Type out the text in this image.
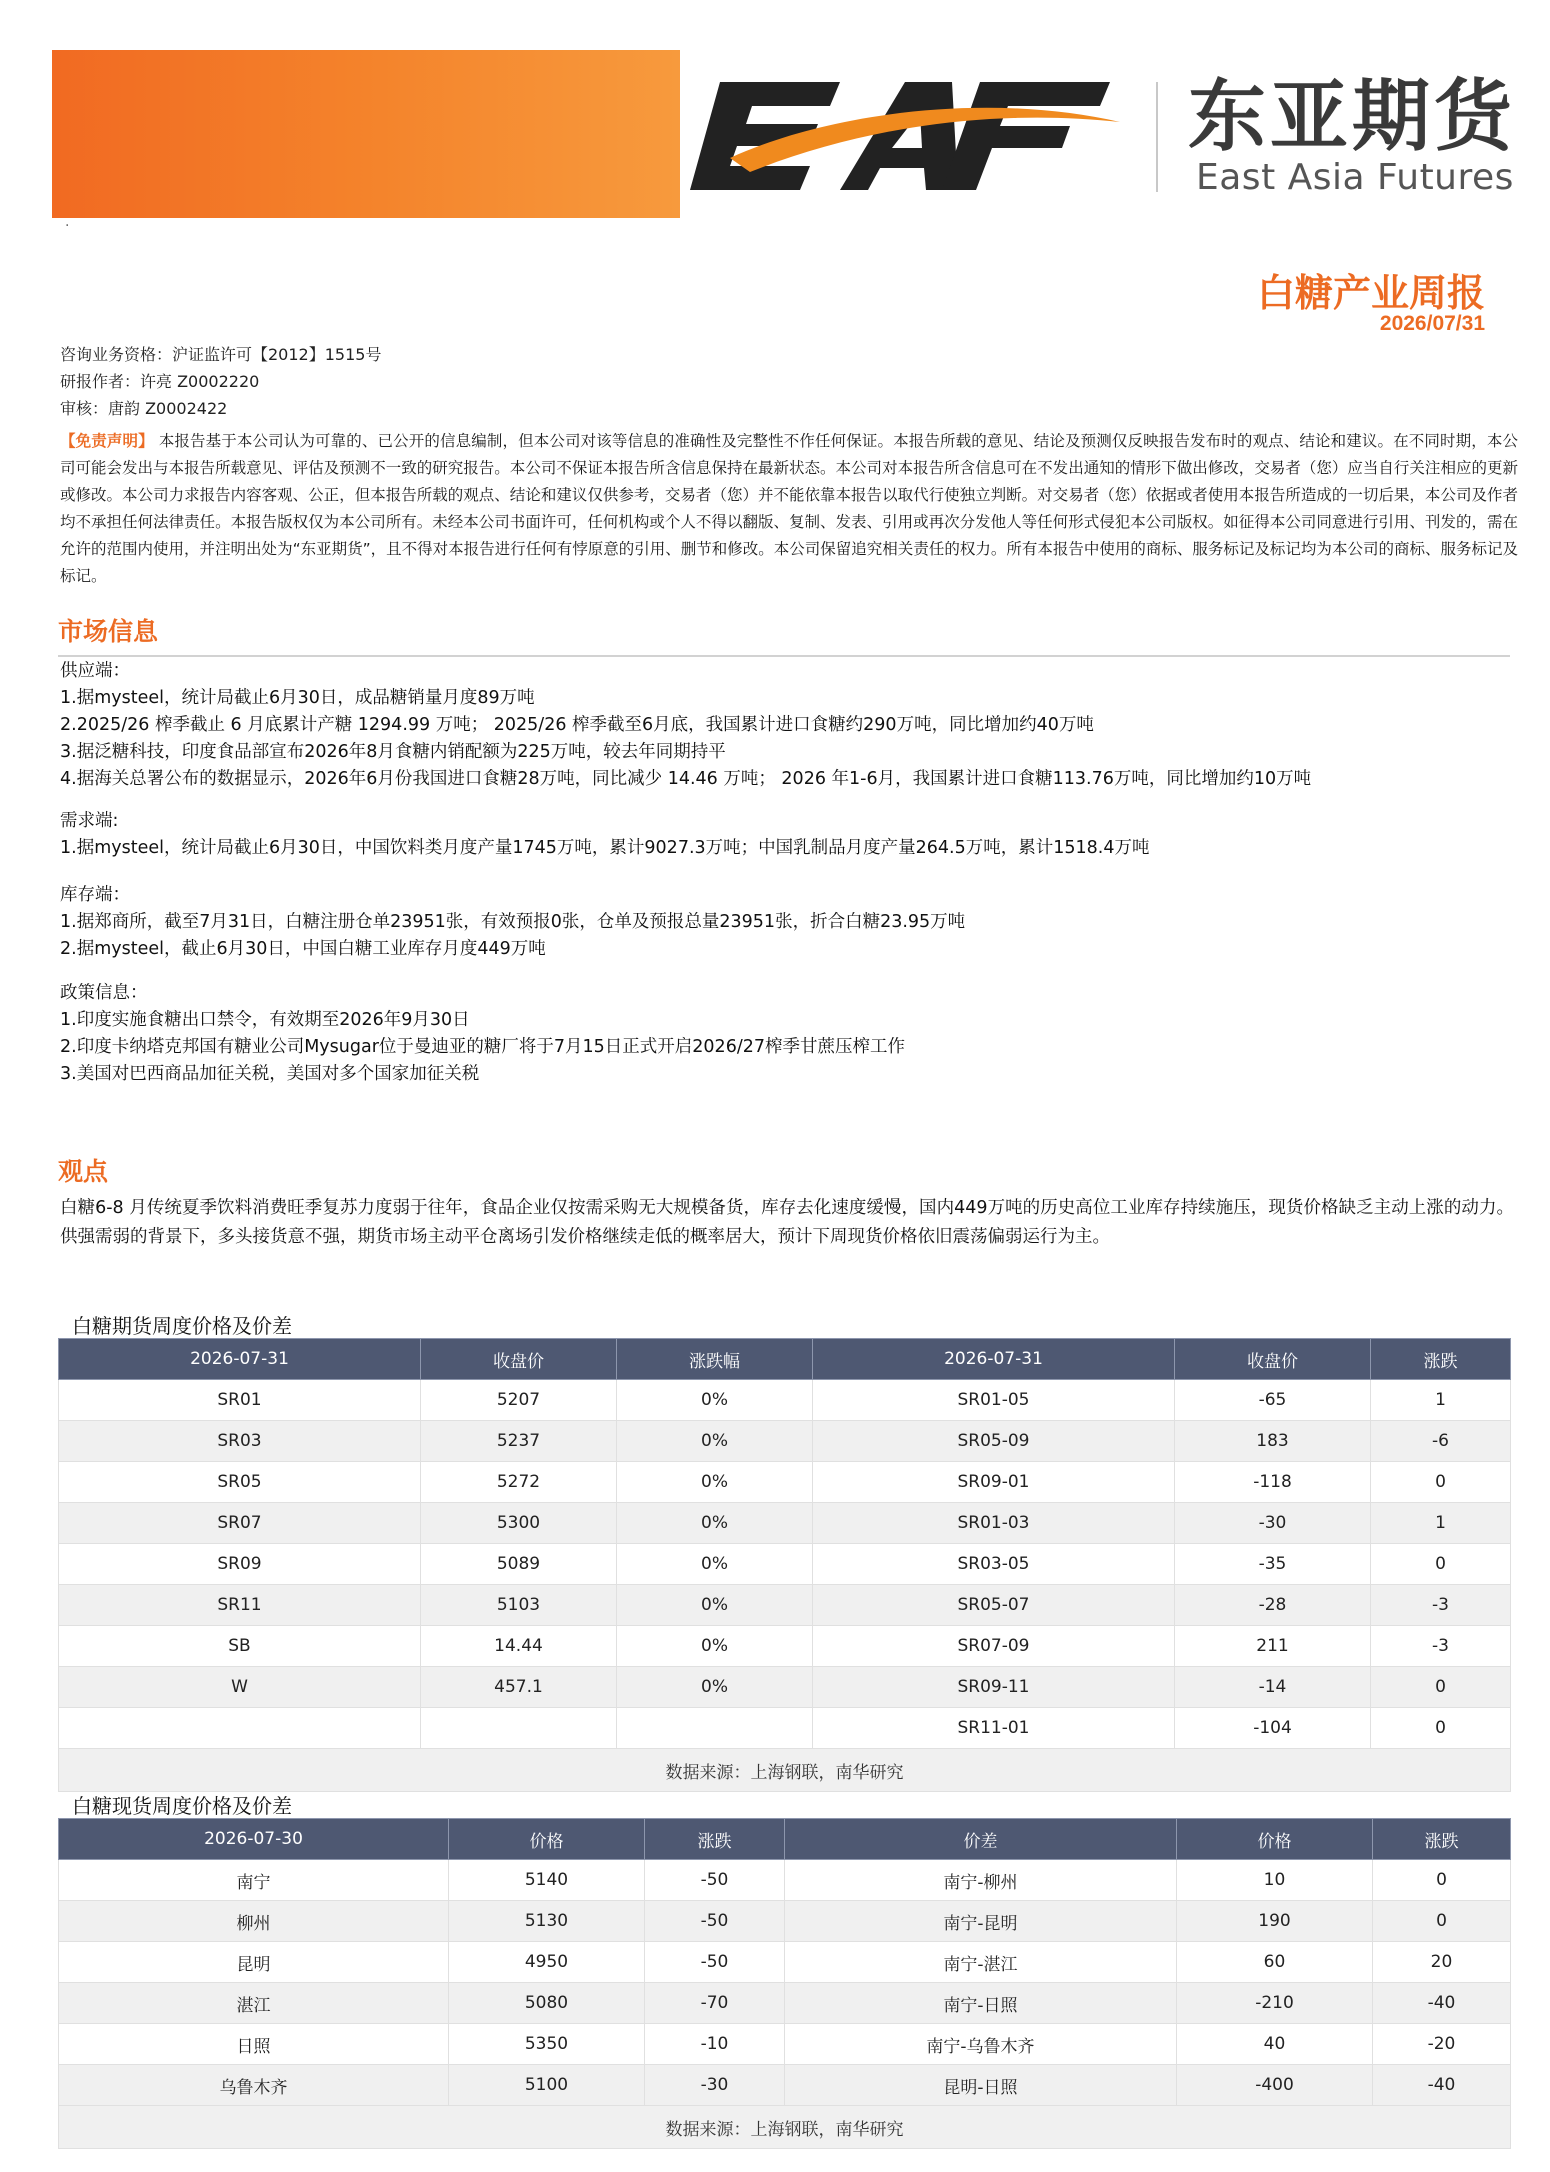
东亚期货
East Asia Futures
·
白糖产业周报
2026/07/31
咨询业务资格：沪证监许可【2012】1515号
研报作者：许亮 Z0002220
审核：唐韵 Z0002422
【免责声明】 本报告基于本公司认为可靠的、已公开的信息编制，但本公司对该等信息的准确性及完整性不作任何保证。本报告所载的意见、结论及预测仅反映报告发布时的观点、结论和建议。在不同时期，本公司可能会发出与本报告所载意见、评估及预测不一致的研究报告。本公司不保证本报告所含信息保持在最新状态。本公司对本报告所含信息可在不发出通知的情形下做出修改，交易者（您）应当自行关注相应的更新或修改。本公司力求报告内容客观、公正，但本报告所载的观点、结论和建议仅供参考，交易者（您）并不能依靠本报告以取代行使独立判断。对交易者（您）依据或者使用本报告所造成的一切后果，本公司及作者均不承担任何法律责任。本报告版权仅为本公司所有。未经本公司书面许可，任何机构或个人不得以翻版、复制、发表、引用或再次分发他人等任何形式侵犯本公司版权。如征得本公司同意进行引用、刊发的，需在允许的范围内使用，并注明出处为“东亚期货”，且不得对本报告进行任何有悖原意的引用、删节和修改。本公司保留追究相关责任的权力。所有本报告中使用的商标、服务标记及标记均为本公司的商标、服务标记及标记。
市场信息

供应端：

1.据mysteel，统计局截止6月30日，成品糖销量月度89万吨

2.2025/26 榨季截止 6 月底累计产糖 1294.99 万吨； 2025/26 榨季截至6月底，我国累计进口食糖约290万吨，同比增加约40万吨

3.据泛糖科技，印度食品部宣布2026年8月食糖内销配额为225万吨，较去年同期持平

4.据海关总署公布的数据显示，2026年6月份我国进口食糖28万吨，同比减少 14.46 万吨； 2026 年1-6月，我国累计进口食糖113.76万吨，同比增加约10万吨

需求端:

1.据mysteel，统计局截止6月30日，中国饮料类月度产量1745万吨，累计9027.3万吨；中国乳制品月度产量264.5万吨，累计1518.4万吨

库存端：

1.据郑商所，截至7月31日，白糖注册仓单23951张，有效预报0张，仓单及预报总量23951张，折合白糖23.95万吨

2.据mysteel，截止6月30日，中国白糖工业库存月度449万吨

政策信息：

1.印度实施食糖出口禁令，有效期至2026年9月30日

2.印度卡纳塔克邦国有糖业公司Mysugar位于曼迪亚的糖厂将于7月15日正式开启2026/27榨季甘蔗压榨工作

3.美国对巴西商品加征关税，美国对多个国家加征关税

观点
白糖6-8 月传统夏季饮料消费旺季复苏力度弱于往年，食品企业仅按需采购无大规模备货，库存去化速度缓慢，国内449万吨的历史高位工业库存持续施压，现货价格缺乏主动上涨的动力。供强需弱的背景下，多头接货意不强，期货市场主动平仓离场引发价格继续走低的概率居大，预计下周现货价格依旧震荡偏弱运行为主。
白糖期货周度价格及价差
2026-07-31	收盘价	涨跌幅	2026-07-31	收盘价	涨跌
SR01	5207	0%	SR01-05	-65	1
SR03	5237	0%	SR05-09	183	-6
SR05	5272	0%	SR09-01	-118	0
SR07	5300	0%	SR01-03	-30	1
SR09	5089	0%	SR03-05	-35	0
SR11	5103	0%	SR05-07	-28	-3
SB	14.44	0%	SR07-09	211	-3
W	457.1	0%	SR09-11	-14	0
			SR11-01	-104	0
数据来源：上海钢联，南华研究					
白糖现货周度价格及价差
2026-07-30	价格	涨跌	价差	价格	涨跌
南宁	5140	-50	南宁-柳州	10	0
柳州	5130	-50	南宁-昆明	190	0
昆明	4950	-50	南宁-湛江	60	20
湛江	5080	-70	南宁-日照	-210	-40
日照	5350	-10	南宁-乌鲁木齐	40	-20
乌鲁木齐	5100	-30	昆明-日照	-400	-40
数据来源：上海钢联，南华研究					
